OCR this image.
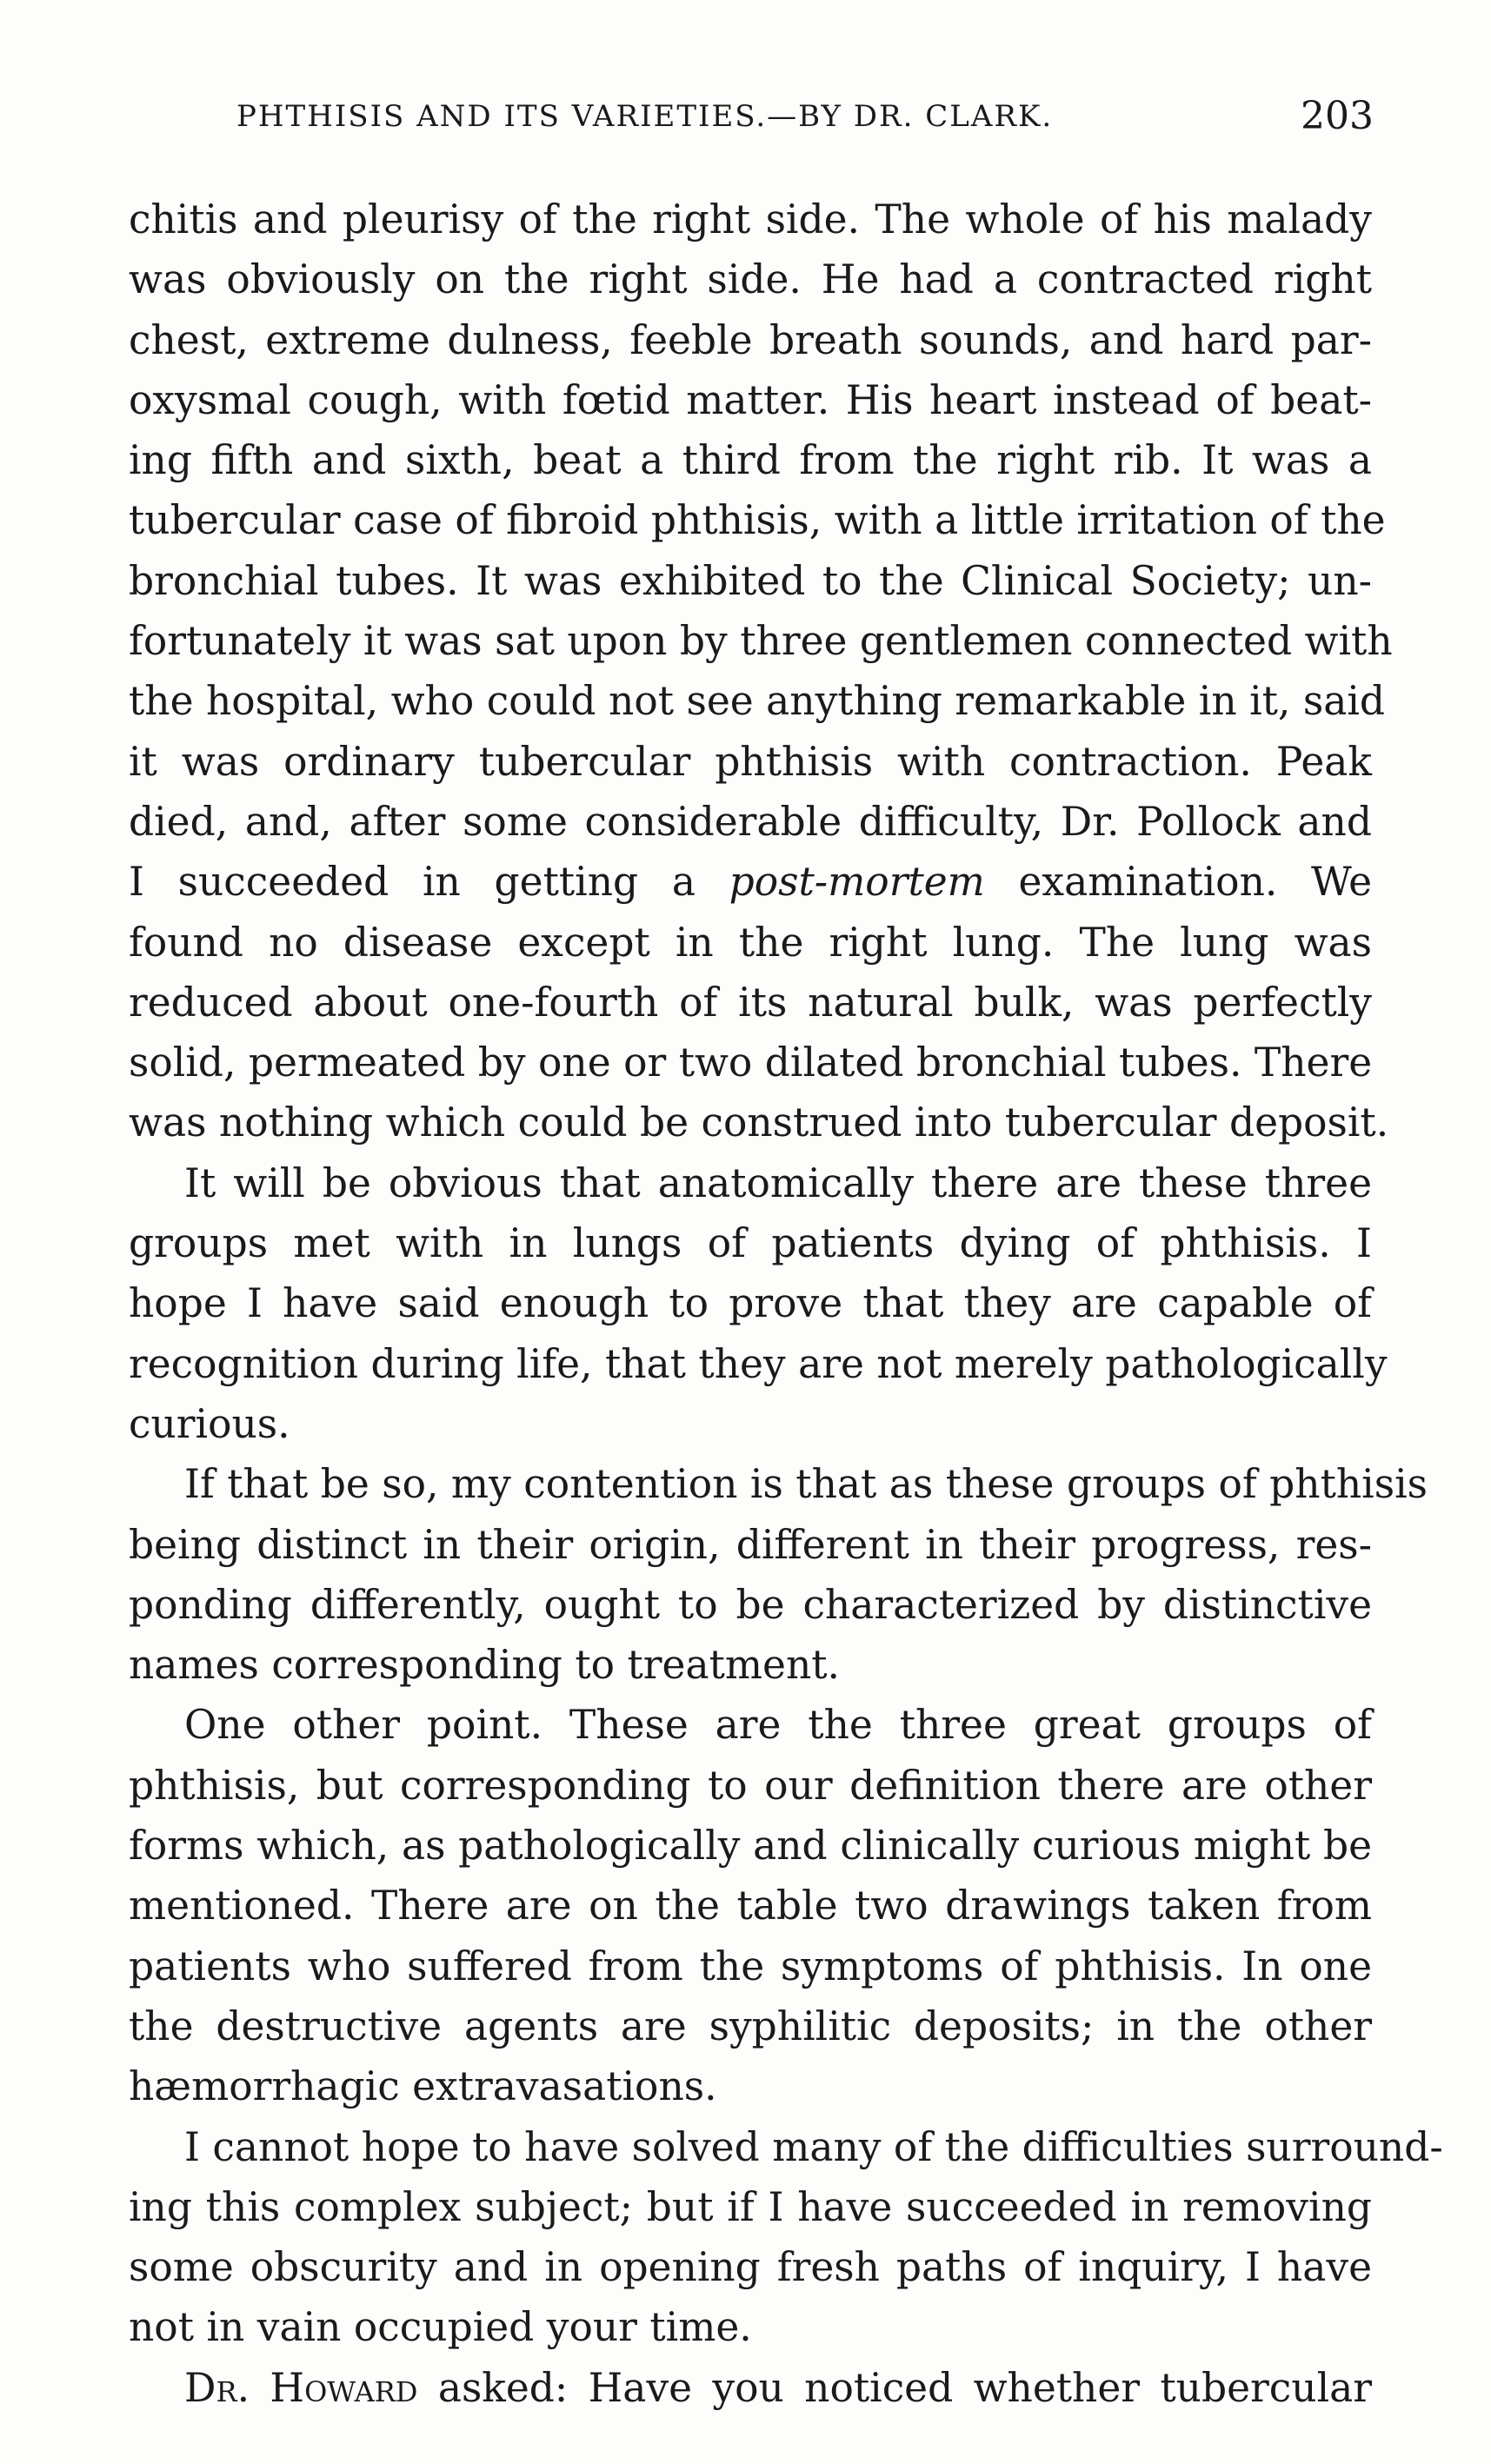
PHTHISIS AND ITS VARIETIES.—BY DR. CLARK.	203
chitis and pleurisy of the right side. The whole of his malady
was obviously on the right side. He had a contracted right
chest, extreme dulness, feeble breath sounds, and hard par-
oxysmal cough, with fœtid matter. His heart instead of beat-
ing fifth and sixth, beat a third from the right rib. It was a
tubercular case of fibroid phthisis, with a little irritation of the
bronchial tubes. It was exhibited to the Clinical Society; un-
fortunately it was sat upon by three gentlemen connected with
the hospital, who could not see anything remarkable in it, said
it was ordinary tubercular phthisis with contraction. Peak
died, and, after some considerable difficulty, Dr. Pollock and
I succeeded in getting a post-mortem examination. We
found no disease except in the right lung. The lung was
reduced about one-fourth of its natural bulk, was perfectly
solid, permeated by one or two dilated bronchial tubes. There
was nothing which could be construed into tubercular deposit.
It will be obvious that anatomically there are these three
groups met with in lungs of patients dying of phthisis. I
hope I have said enough to prove that they are capable of
recognition during life, that they are not merely pathologically
curious.
If that be so, my contention is that as these groups of phthisis
being distinct in their origin, different in their progress, res-
ponding differently, ought to be characterized by distinctive
names corresponding to treatment.
One other point. These are the three great groups of
phthisis, but corresponding to our definition there are other
forms which, as pathologically and clinically curious might be
mentioned. There are on the table two drawings taken from
patients who suffered from the symptoms of phthisis. In one
the destructive agents are syphilitic deposits; in the other
hæmorrhagic extravasations.
I cannot hope to have solved many of the difficulties surround-
ing this complex subject; but if I have succeeded in removing
some obscurity and in opening fresh paths of inquiry, I have
not in vain occupied your time.
Dr. Howard asked: Have you noticed whether tubercular
